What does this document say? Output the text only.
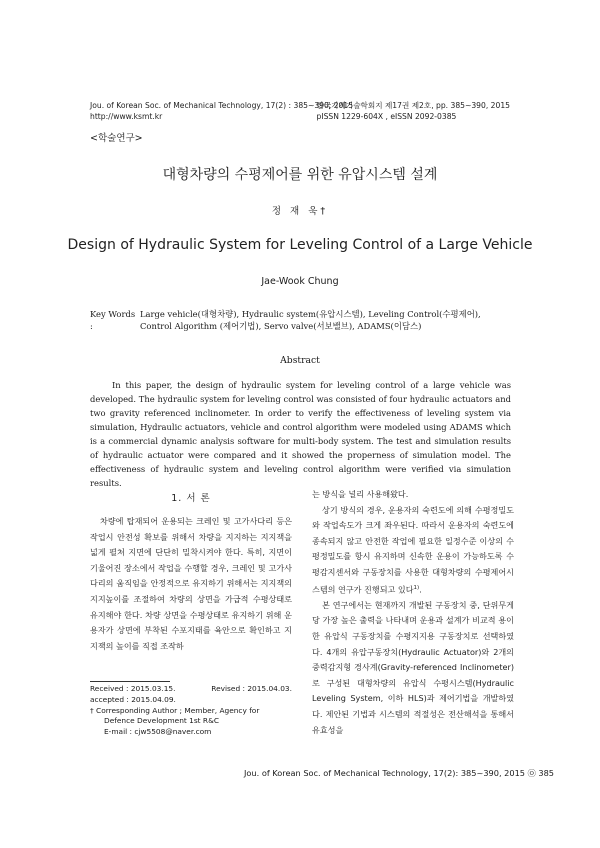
Jou. of Korean Soc. of Mechanical Technology, 17(2) : 385~390, 2015
http://www.ksmt.kr
한국기계기술학회지 제17권 제2호, pp. 385~390, 2015
pISSN 1229-604X , eISSN 2092-0385
<학술연구>
대형차량의 수평제어를 위한 유압시스템 설계
정 재 욱†
Design of Hydraulic System for Leveling Control of a Large Vehicle
Jae-Wook Chung
Key Words :
Large vehicle(대형차량), Hydraulic system(유압시스템), Leveling Control(수평제어), Control Algorithm (제어기법), Servo valve(서보밸브), ADAMS(이담스)
Abstract
In this paper, the design of hydraulic system for leveling control of a large vehicle was developed. The hydraulic system for leveling control was consisted of four hydraulic actuators and two gravity referenced inclinometer. In order to verify the effectiveness of leveling system via simulation, Hydraulic actuators, vehicle and control algorithm were modeled using ADAMS which is a commercial dynamic analysis software for multi-body system. The test and simulation results of hydraulic actuator were compared and it showed the properness of simulation model. The effectiveness of hydraulic system and leveling control algorithm were verified via simulation results.
1. 서 론

차량에 탑재되어 운용되는 크레인 및 고가사다리 등은 작업시 안전성 확보를 위해서 차량을 지지하는 지지잭을 넓게 펼쳐 지면에 단단히 밀착시켜야 한다. 특히, 지면이 기울어진 장소에서 작업을 수행할 경우, 크레인 및 고가사다리의 움직임을 안정적으로 유지하기 위해서는 지지잭의 지지높이를 조절하여 차량의 상면을 가급적 수평상태로 유지해야 한다. 차량 상면을 수평상태로 유지하기 위해 운용자가 상면에 부착된 수포지태를 육안으로 확인하고 지지잭의 높이를 직접 조작하

Received : 2015.03.15.	Revised : 2015.04.03.
accepted : 2015.04.09.
† Corresponding Author ; Member, Agency for
Defence Development 1st R&C
E-mail : cjw5508@naver.com

는 방식을 널리 사용해왔다.

상기 방식의 경우, 운용자의 숙련도에 의해 수평정밀도와 작업속도가 크게 좌우된다. 따라서 운용자의 숙련도에 종속되지 않고 안전한 작업에 필요한 일정수준 이상의 수평정밀도를 항시 유지하며 신속한 운용이 가능하도록 수평감지센서와 구동장치를 사용한 대형차량의 수평제어시스템의 연구가 진행되고 있다$^{1)}$.

본 연구에서는 현재까지 개발된 구동장치 중, 단위무게 당 가장 높은 출력을 나타내며 운용과 설계가 비교적 용이한 유압식 구동장치를 수평지지용 구동장치로 선택하였다. 4개의 유압구동장치(Hydraulic Actuator)와 2개의 중력감지형 경사계(Gravity-referenced Inclinometer)로 구성된 대형차량의 유압식 수평시스템(Hydraulic Leveling System, 이하 HLS)과 제어기법을 개발하였다. 제안된 기법과 시스템의 적절성은 전산해석을 통해서 유효성을

Jou. of Korean Soc. of Mechanical Technology, 17(2): 385~390, 2015 ㉧ 385
